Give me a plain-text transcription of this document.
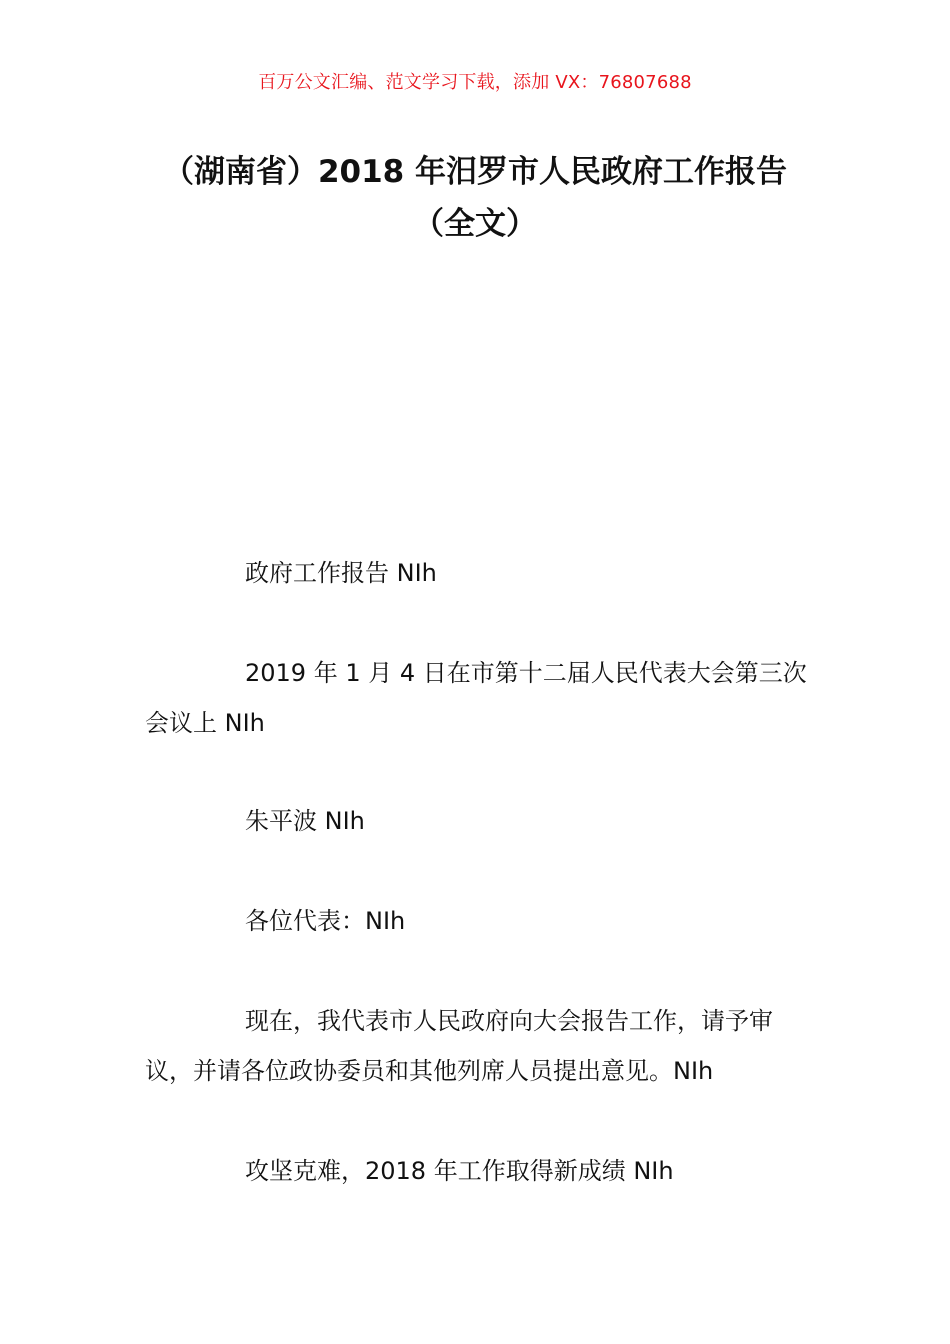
百万公文汇编、范文学习下载，添加 VX：76807688
（湖南省）2018 年汨罗市人民政府工作报告（全文）
政府工作报告 NIh
2019 年 1 月 4 日在市第十二届人民代表大会第三次会议上 NIh
朱平波 NIh
各位代表：NIh
现在，我代表市人民政府向大会报告工作，请予审议，并请各位政协委员和其他列席人员提出意见。NIh
攻坚克难，2018 年工作取得新成绩 NIh
